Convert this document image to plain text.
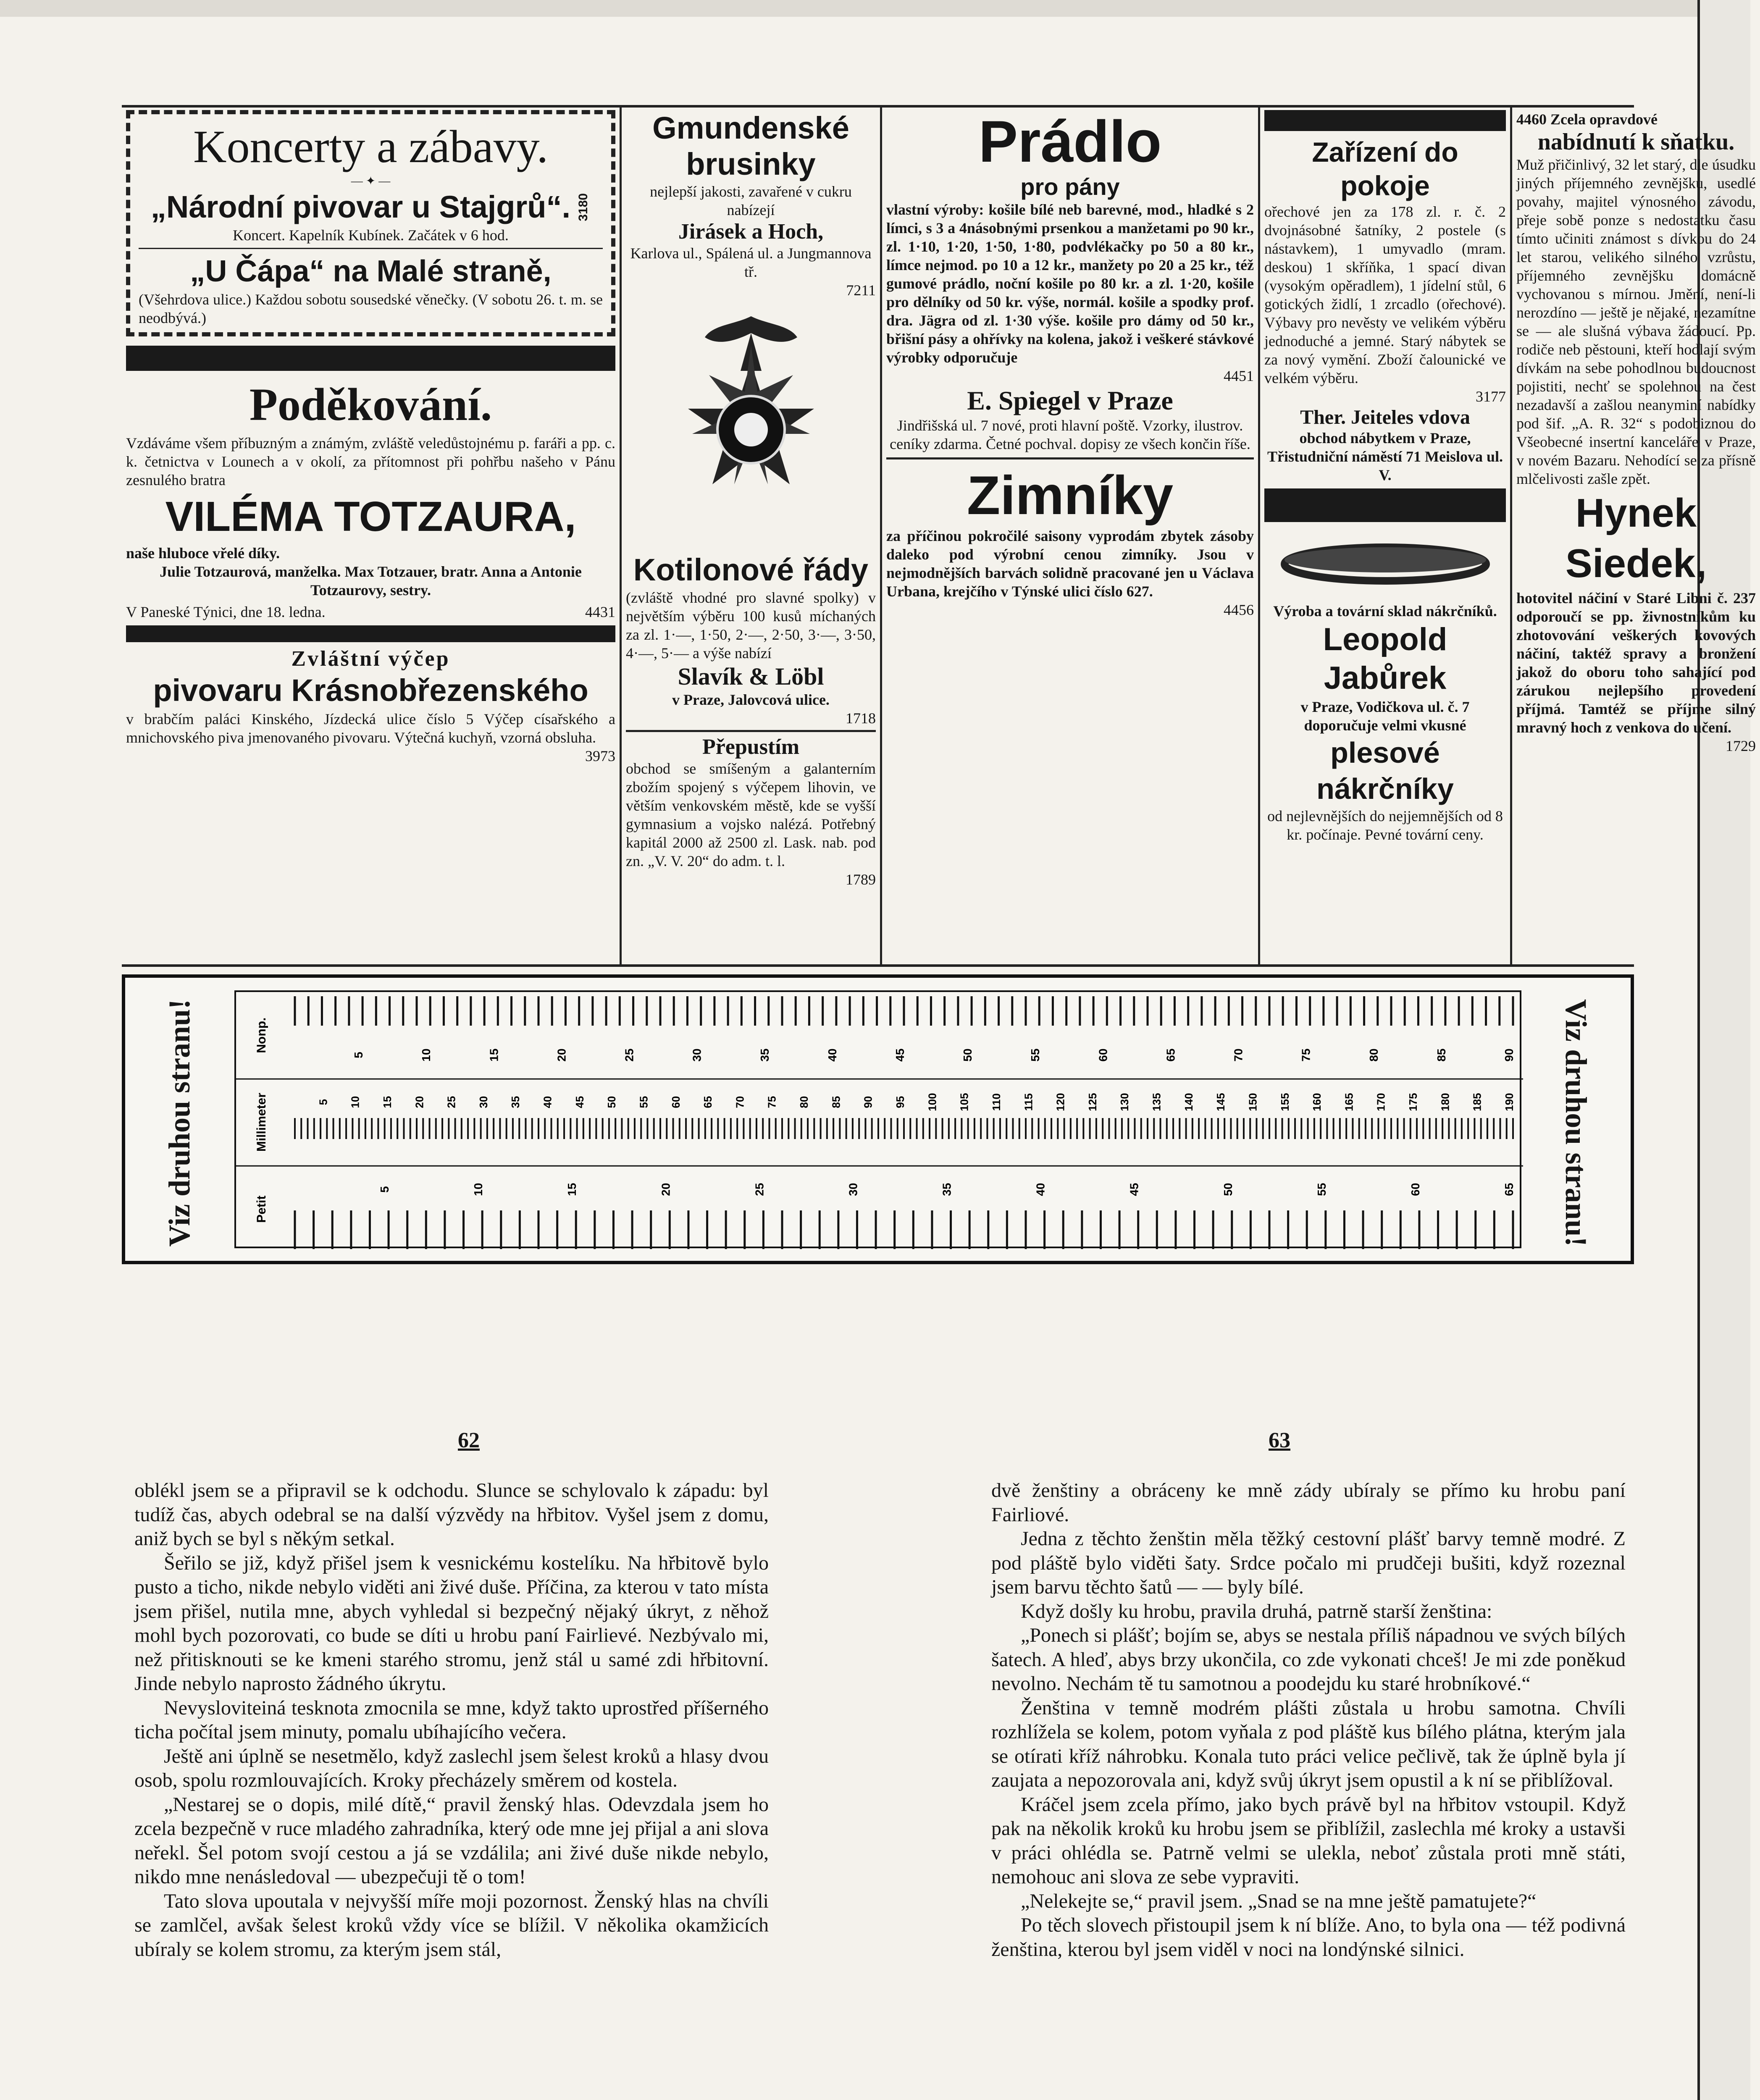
Koncerty a zábavy.
— ✦ —
„Národní pivovar u Stajgrů“. 3180
Koncert. Kapelník Kubínek. Začátek v 6 hod.
„U Čápa“ na Malé straně,
(Všehrdova ulice.) Každou sobotu sousedské věnečky. (V sobotu 26. t. m. se neodbývá.)
Poděkování.
Vzdáváme všem příbuzným a známým, zvláště veledůstojnému p. faráři a pp. c. k. četnictva v Lounech a v okolí, za přítomnost při pohřbu našeho v Pánu zesnulého bratra
VILÉMA TOTZAURA,
naše hluboce vřelé díky.
Julie Totzaurová, manželka. Max Totzauer, bratr. Anna a Antonie Totzaurovy, sestry.
V Paneské Týnici, dne 18. ledna.	4431
Zvláštní výčep
pivovaru Krásnobřezenského
v brabčím paláci Kinského, Jízdecká ulice číslo 5 Výčep císařského a mnichovského piva jmenovaného pivovaru. Výtečná kuchyň, vzorná obsluha.
3973
Gmundenské brusinky
nejlepší jakosti, zavařené v cukru nabízejí
Jirásek a Hoch,
Karlova ul., Spálená ul. a Jungmannova tř.
7211
Kotilonové řády
(zvláště vhodné pro slavné spolky) v největším výběru 100 kusů míchaných za zl. 1·—, 1·50, 2·—, 2·50, 3·—, 3·50, 4·—, 5·— a výše nabízí
Slavík & Löbl
v Praze, Jalovcová ulice.
1718
Přepustím
obchod se smíšeným a galanterním zbožím spojený s výčepem lihovin, ve větším venkovském městě, kde se vyšší gymnasium a vojsko nalézá. Potřebný kapitál 2000 až 2500 zl. Lask. nab. pod zn. „V. V. 20“ do adm. t. l.
1789
Prádlo
pro pány
vlastní výroby: košile bílé neb barevné, mod., hladké s 2 límci, s 3 a 4násobnými prsenkou a manžetami po 90 kr., zl. 1·10, 1·20, 1·50, 1·80, podvlékačky po 50 a 80 kr., límce nejmod. po 10 a 12 kr., manžety po 20 a 25 kr., též gumové prádlo, noční košile po 80 kr. a zl. 1·20, košile pro dělníky od 50 kr. výše, normál. košile a spodky prof. dra. Jägra od zl. 1·30 výše. košile pro dámy od 50 kr., břišní pásy a ohřívky na kolena, jakož i veškeré stávkové výrobky odporučuje
4451
E. Spiegel v Praze
Jindřišská ul. 7 nové, proti hlavní poště. Vzorky, ilustrov. ceníky zdarma. Četné pochval. dopisy ze všech končin říše.
Zimníky
za příčinou pokročilé saisony vyprodám zbytek zásoby daleko pod výrobní cenou zimníky. Jsou v nejmodnějších barvách solidně pracované jen u Václava Urbana, krejčího v Týnské ulici číslo 627.
4456
Zařízení do pokoje
ořechové jen za 178 zl. r. č. 2 dvojnásobné šatníky, 2 postele (s nástavkem), 1 umyvadlo (mram. deskou) 1 skříňka, 1 spací divan (vysokým opěradlem), 1 jídelní stůl, 6 gotických židlí, 1 zrcadlo (ořechové). Výbavy pro nevěsty ve velikém výběru jednoduché a jemné. Starý nábytek se za nový vymění. Zboží čalounické ve velkém výběru.
3177
Ther. Jeiteles vdova
obchod nábytkem v Praze, Třistudniční náměstí 71 Meislova ul. V.
Výroba a tovární sklad nákrčníků.
Leopold Jabůrek
v Praze, Vodičkova ul. č. 7 doporučuje velmi vkusné
plesové nákrčníky
od nejlevnějších do nejjemnějších od 8 kr. počínaje. Pevné tovární ceny.
4460 Zcela opravdové
nabídnutí k sňatku.
Muž přičinlivý, 32 let starý, dle úsudku jiných příjemného zevnějšku, usedlé povahy, majitel výnosného závodu, přeje sobě ponze s nedostatku času tímto učiniti známost s dívkou do 24 let starou, velikého silného vzrůstu, příjemného zevnějšku domácně vychovanou s mírnou. Jmění, není-li nerozdíno — ještě je nějaké, nezamítne se — ale slušná výbava žádoucí. Pp. rodiče neb pěstouni, kteří hodlají svým dívkám na sebe pohodlnou budoucnost pojistiti, nechť se spolehnou na čest nezadavší a zašlou neanyminí nabídky pod šif. „A. R. 32“ s podobiznou do Všeobecné insertní kanceláře v Praze, v novém Bazaru. Nehodící se za přísně mlčelivosti zašle zpět.
Hynek Siedek,
hotovitel náčiní v Staré Libni č. 237 odporoučí se pp. živnostníkům ku zhotovování veškerých kovových náčiní, taktéž spravy a bronžení jakož do oboru toho sahající pod zárukou nejlepšího provedení příjmá. Tamtéž se příjme silný mravný hoch z venkova do učení.
1729
Viz druhou stranu!	Viz druhou stranu!
Nonp.
Millimeter
Petit
5	10	15	20	25	30	35	40	45	50	55	60	65	70	75	80	85	90
5 10 15 20 25 30 35 40 45 50 55 60 65 70 75 80 85 90 95 100 105 110 115 120 125 130 135 140 145 150 155 160 165 170 175 180 185 190
5	10	15	20	25	30	35	40	45	50	55	60	65
62	63

oblékl jsem se a připravil se k odchodu. Slunce se schylovalo k západu: byl tudíž čas, abych odebral se na další výzvědy na hřbitov. Vyšel jsem z domu, aniž bych se byl s někým setkal.

Šeřilo se již, když přišel jsem k vesnickému kostelíku. Na hřbitově bylo pusto a ticho, nikde nebylo viděti ani živé duše. Příčina, za kterou v tato místa jsem přišel, nutila mne, abych vyhledal si bezpečný nějaký úkryt, z něhož mohl bych pozorovati, co bude se díti u hrobu paní Fairlievé. Nezbývalo mi, než přitisknouti se ke kmeni starého stromu, jenž stál u samé zdi hřbitovní. Jinde nebylo naprosto žádného úkrytu.

Nevysloviteiná tesknota zmocnila se mne, když takto uprostřed příšerného ticha počítal jsem minuty, pomalu ubíhajícího večera.

Ještě ani úplně se nesetmělo, když zaslechl jsem šelest kroků a hlasy dvou osob, spolu rozmlouvajících. Kroky přecházely směrem od kostela.

„Nestarej se o dopis, milé dítě,“ pravil ženský hlas. Odevzdala jsem ho zcela bezpečně v ruce mladého zahradníka, který ode mne jej přijal a ani slova neřekl. Šel potom svojí cestou a já se vzdálila; ani živé duše nikde nebylo, nikdo mne nenásledoval — ubezpečuji tě o tom!

Tato slova upoutala v nejvyšší míře moji pozornost. Ženský hlas na chvíli se zamlčel, avšak šelest kroků vždy více se blížil. V několika okamžicích ubíraly se kolem stromu, za kterým jsem stál,

dvě ženštiny a obráceny ke mně zády ubíraly se přímo ku hrobu paní Fairliové.

Jedna z těchto ženštin měla těžký cestovní plášť barvy temně modré. Z pod pláště bylo viděti šaty. Srdce počalo mi prudčeji bušiti, když rozeznal jsem barvu těchto šatů — — byly bílé.

Když došly ku hrobu, pravila druhá, patrně starší ženština:

„Ponech si plášť; bojím se, abys se nestala příliš nápadnou ve svých bílých šatech. A hleď, abys brzy ukončila, co zde vykonati chceš! Je mi zde poněkud nevolno. Nechám tě tu samotnou a poodejdu ku staré hrobníkové.“

Ženština v temně modrém plášti zůstala u hrobu samotna. Chvíli rozhlížela se kolem, potom vyňala z pod pláště kus bílého plátna, kterým jala se otírati kříž náhrobku. Konala tuto práci velice pečlivě, tak že úplně byla jí zaujata a nepozorovala ani, když svůj úkryt jsem opustil a k ní se přiblížoval.

Kráčel jsem zcela přímo, jako bych právě byl na hřbitov vstoupil. Když pak na několik kroků ku hrobu jsem se přiblížil, zaslechla mé kroky a ustavši v práci ohlédla se. Patrně velmi se ulekla, neboť zůstala proti mně státi, nemohouc ani slova ze sebe vypraviti.

„Nelekejte se,“ pravil jsem. „Snad se na mne ještě pamatujete?“

Po těch slovech přistoupil jsem k ní blíže. Ano, to byla ona — též podivná ženština, kterou byl jsem viděl v noci na londýnské silnici.
